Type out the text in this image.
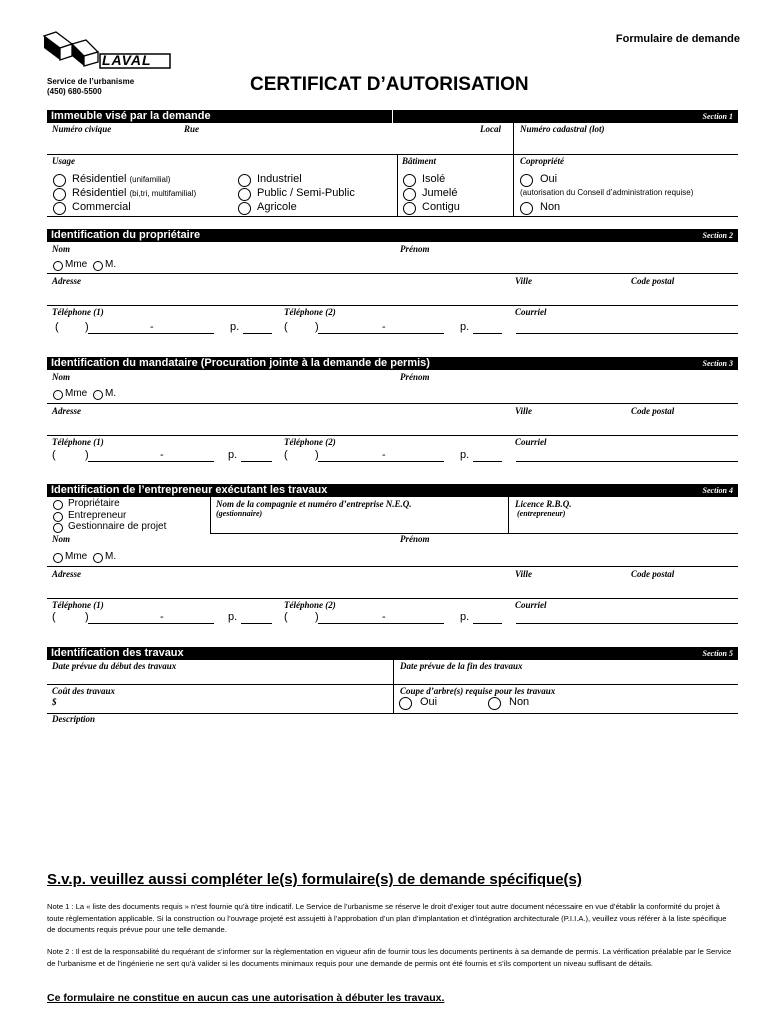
Formulaire de demande
LAVAL
Service de l’urbanisme
(450) 680-5500	CERTIFICAT D’AUTORISATION
Immeuble visé par la demande	Section 1
Numéro civique	Rue	Local Numéro cadastral (lot)
Usage	Bâtiment	Copropriété
Résidentiel (unifamilial)
Résidentiel (bi,tri, multifamilial)
Commercial
Industriel
Public / Semi-Public
Agricole
Isolé
Jumelé
Contigu
Oui
(autorisation du Conseil d’administration requise)
Non
Identification du propriétaire	Section 2
Nom	Prénom
Mme M.
Adresse	Ville	Code postal
Téléphone (1)	Téléphone (2)	Courriel
( )	-	p.	( )	-	p.
Identification du mandataire (Procuration jointe à la demande de permis)	Section 3
Nom	Prénom
Mme M.
Adresse	Ville	Code postal
Téléphone (1)	Téléphone (2)	Courriel
(	)	-	p.	( )	-	p.
Identification de l’entrepreneur exécutant les travaux	Section 4
Propriétaire
Entrepreneur
Gestionnaire de projet
Nom de la compagnie et numéro d’entreprise N.E.Q.
(gestionnaire)
Licence R.B.Q.
(entrepreneur)
Nom	Prénom
Mme M.
Adresse	Ville	Code postal
Téléphone (1)	Téléphone (2)	Courriel
(	)	-	p.	( )	-	p.
Identification des travaux	Section 5
Date prévue du début des travaux	Date prévue de la fin des travaux
Coût des travaux
$
Coupe d’arbre(s) requise pour les travaux
Oui	Non
Description
S.v.p. veuillez aussi compléter le(s) formulaire(s) de demande spécifique(s)
Note 1 : La « liste des documents requis » n’est fournie qu’à titre indicatif. Le Service de l’urbanisme se réserve le droit d’exiger tout autre document nécessaire en vue d’établir la conformité du projet à toute règlementation applicable. Si la construction ou l’ouvrage projeté est assujetti à l’approbation d’un plan d’implantation et d’intégration architecturale (P.I.I.A.), veuillez vous référer à la liste spécifique de documents requis prévue pour une telle demande.
Note 2 : Il est de la responsabilité du requérant de s’informer sur la règlementation en vigueur afin de fournir tous les documents pertinents à sa demande de permis. La vérification préalable par le Service de l’urbanisme et de l’ingénierie ne sert qu’à valider si les documents minimaux requis pour une demande de permis ont été fournis et s’ils comportent un niveau suffisant de détails.
Ce formulaire ne constitue en aucun cas une autorisation à débuter les travaux.
